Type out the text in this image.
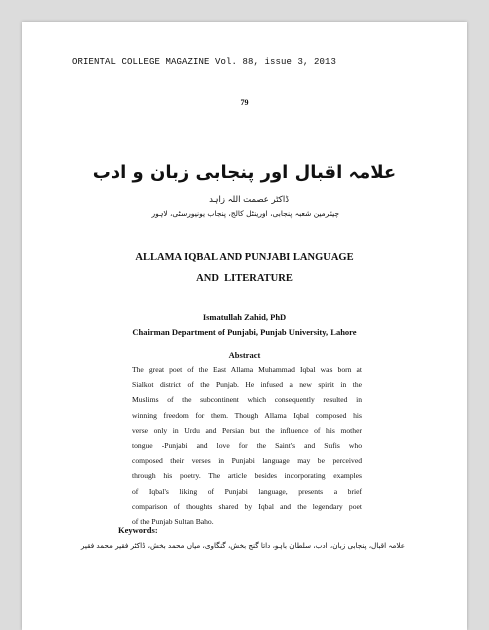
ORIENTAL COLLEGE MAGAZINE Vol. 88, issue 3, 2013
79
علامہ اقبال اور پنجابی زبان و ادب
ڈاکٹر عصمت اللہ زاہد
چیئرمین شعبہ پنجابی، اورینٹل کالج، پنجاب یونیورسٹی، لاہور
ALLAMA IQBAL AND PUNJABI LANGUAGE
AND  LITERATURE
Ismatullah Zahid, PhD
Chairman Department of Punjabi, Punjab University, Lahore
Abstract
The great poet of the East Allama Muhammad Iqbal was born at
Sialkot district of the Punjab. He infused a new spirit in the
Muslims of the subcontinent which consequently resulted in
winning freedom for them. Though Allama Iqbal composed his
verse only in Urdu and Persian but the influence of his mother
tongue -Punjabi and love for the Saint's and Sufis who
composed their verses in Punjabi language may be perceived
through his poetry. The article besides incorporating examples
of Iqbal's liking of Punjabi language, presents a brief
comparison of thoughts shared by Iqbal and the legendary poet
of the Punjab Sultan Baho.
Keywords:
علامہ اقبال، پنجابی زبان، ادب، سلطان باہو، داتا گنج بخش، گنگاوی، میاں محمد بخش، ڈاکٹر فقیر محمد فقیر
